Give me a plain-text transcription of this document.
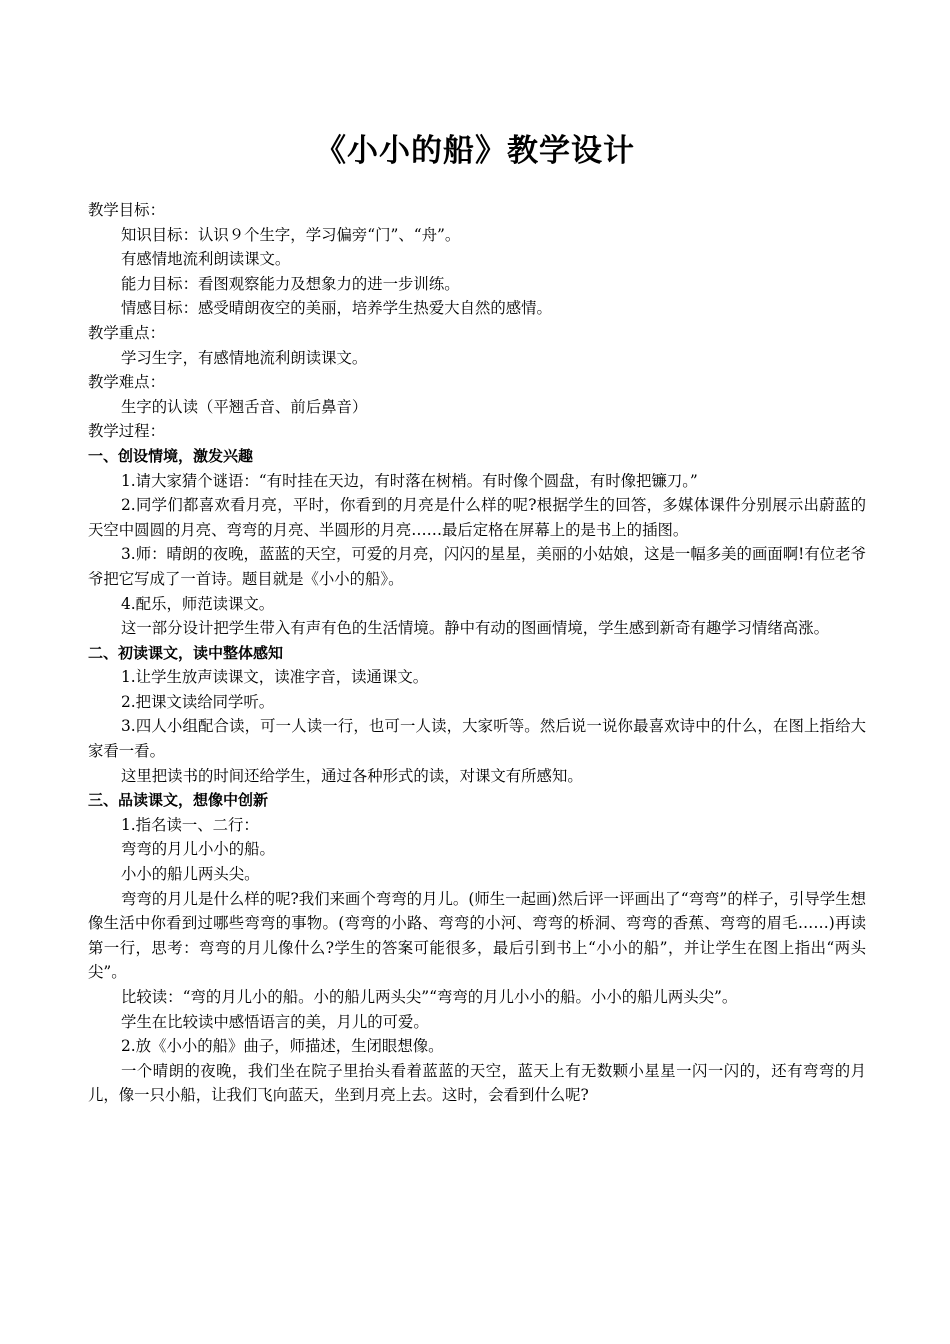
《小小的船》教学设计
教学目标：
知识目标：认识９个生字，学习偏旁“门”、“舟”。
有感情地流利朗读课文。
能力目标：看图观察能力及想象力的进一步训练。
情感目标：感受晴朗夜空的美丽，培养学生热爱大自然的感情。
教学重点：
学习生字，有感情地流利朗读课文。
教学难点：
生字的认读（平翘舌音、前后鼻音）
教学过程：
一、创设情境，激发兴趣
1.请大家猜个谜语：“有时挂在天边，有时落在树梢。有时像个圆盘，有时像把镰刀。”
2.同学们都喜欢看月亮，平时，你看到的月亮是什么样的呢?根据学生的回答，多媒体课件分别展示出蔚蓝的天空中圆圆的月亮、弯弯的月亮、半圆形的月亮……最后定格在屏幕上的是书上的插图。
3.师：晴朗的夜晚，蓝蓝的天空，可爱的月亮，闪闪的星星，美丽的小姑娘，这是一幅多美的画面啊!有位老爷爷把它写成了一首诗。题目就是《小小的船》。
4.配乐，师范读课文。
这一部分设计把学生带入有声有色的生活情境。静中有动的图画情境，学生感到新奇有趣学习情绪高涨。
二、初读课文，读中整体感知
1.让学生放声读课文，读准字音，读通课文。
2.把课文读给同学听。
3.四人小组配合读，可一人读一行，也可一人读，大家听等。然后说一说你最喜欢诗中的什么，在图上指给大家看一看。
这里把读书的时间还给学生，通过各种形式的读，对课文有所感知。
三、品读课文，想像中创新
1.指名读一、二行：
弯弯的月儿小小的船。
小小的船儿两头尖。
弯弯的月儿是什么样的呢?我们来画个弯弯的月儿。(师生一起画)然后评一评画出了“弯弯”的样子，引导学生想像生活中你看到过哪些弯弯的事物。(弯弯的小路、弯弯的小河、弯弯的桥洞、弯弯的香蕉、弯弯的眉毛……)再读第一行，思考：弯弯的月儿像什么?学生的答案可能很多，最后引到书上“小小的船”，并让学生在图上指出“两头尖”。
比较读：“弯的月儿小的船。小的船儿两头尖”“弯弯的月儿小小的船。小小的船儿两头尖”。
学生在比较读中感悟语言的美，月儿的可爱。
2.放《小小的船》曲子，师描述，生闭眼想像。
一个晴朗的夜晚，我们坐在院子里抬头看着蓝蓝的天空，蓝天上有无数颗小星星一闪一闪的，还有弯弯的月儿，像一只小船，让我们飞向蓝天，坐到月亮上去。这时，会看到什么呢?
